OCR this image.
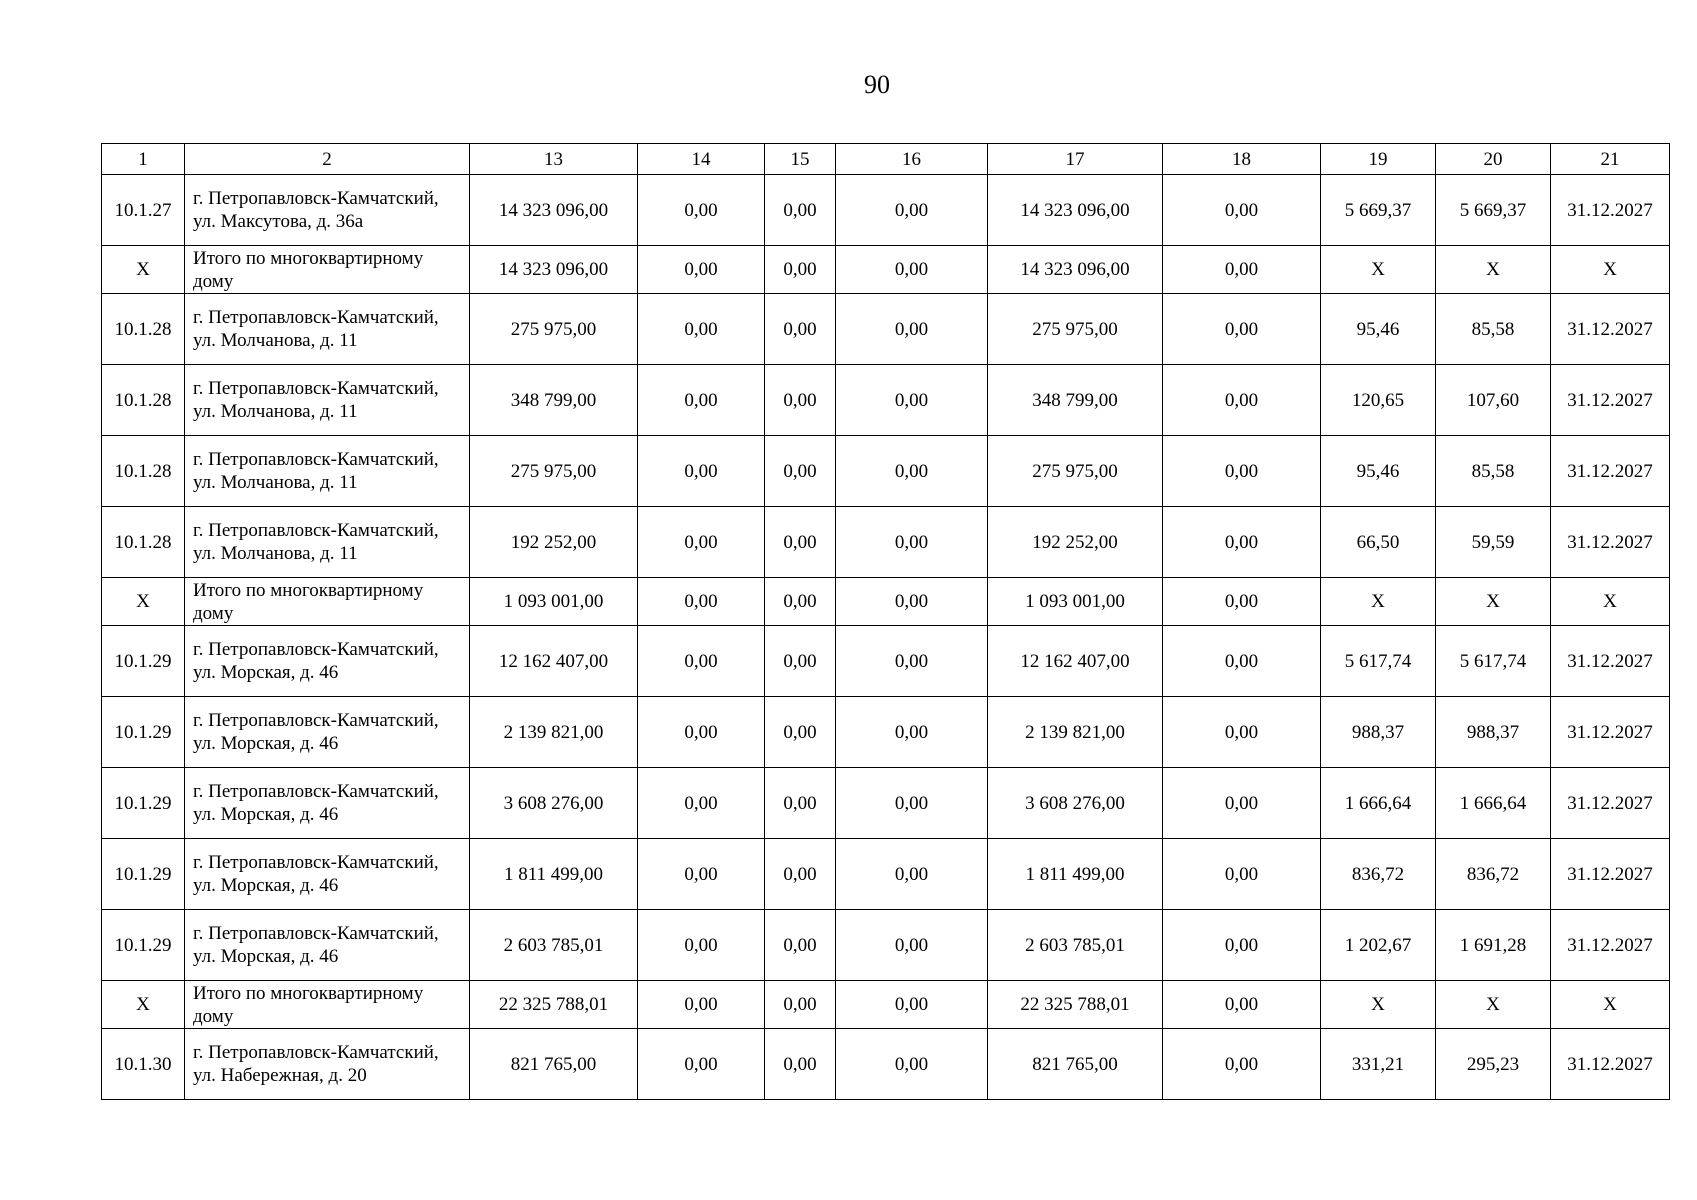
90
1	2	13	14	15	16	17	18	19	20	21
10.1.27	г. Петропавловск-Камчатский, ул. Максутова, д. 36а	14 323 096,00	0,00	0,00	0,00	14 323 096,00	0,00	5 669,37	5 669,37	31.12.2027
Х	Итого по многоквартирному дому	14 323 096,00	0,00	0,00	0,00	14 323 096,00	0,00	Х	Х	Х
10.1.28	г. Петропавловск-Камчатский, ул. Молчанова, д. 11	275 975,00	0,00	0,00	0,00	275 975,00	0,00	95,46	85,58	31.12.2027
10.1.28	г. Петропавловск-Камчатский, ул. Молчанова, д. 11	348 799,00	0,00	0,00	0,00	348 799,00	0,00	120,65	107,60	31.12.2027
10.1.28	г. Петропавловск-Камчатский, ул. Молчанова, д. 11	275 975,00	0,00	0,00	0,00	275 975,00	0,00	95,46	85,58	31.12.2027
10.1.28	г. Петропавловск-Камчатский, ул. Молчанова, д. 11	192 252,00	0,00	0,00	0,00	192 252,00	0,00	66,50	59,59	31.12.2027
Х	Итого по многоквартирному дому	1 093 001,00	0,00	0,00	0,00	1 093 001,00	0,00	Х	Х	Х
10.1.29	г. Петропавловск-Камчатский, ул. Морская, д. 46	12 162 407,00	0,00	0,00	0,00	12 162 407,00	0,00	5 617,74	5 617,74	31.12.2027
10.1.29	г. Петропавловск-Камчатский, ул. Морская, д. 46	2 139 821,00	0,00	0,00	0,00	2 139 821,00	0,00	988,37	988,37	31.12.2027
10.1.29	г. Петропавловск-Камчатский, ул. Морская, д. 46	3 608 276,00	0,00	0,00	0,00	3 608 276,00	0,00	1 666,64	1 666,64	31.12.2027
10.1.29	г. Петропавловск-Камчатский, ул. Морская, д. 46	1 811 499,00	0,00	0,00	0,00	1 811 499,00	0,00	836,72	836,72	31.12.2027
10.1.29	г. Петропавловск-Камчатский, ул. Морская, д. 46	2 603 785,01	0,00	0,00	0,00	2 603 785,01	0,00	1 202,67	1 691,28	31.12.2027
Х	Итого по многоквартирному дому	22 325 788,01	0,00	0,00	0,00	22 325 788,01	0,00	Х	Х	Х
10.1.30	г. Петропавловск-Камчатский, ул. Набережная, д. 20	821 765,00	0,00	0,00	0,00	821 765,00	0,00	331,21	295,23	31.12.2027
